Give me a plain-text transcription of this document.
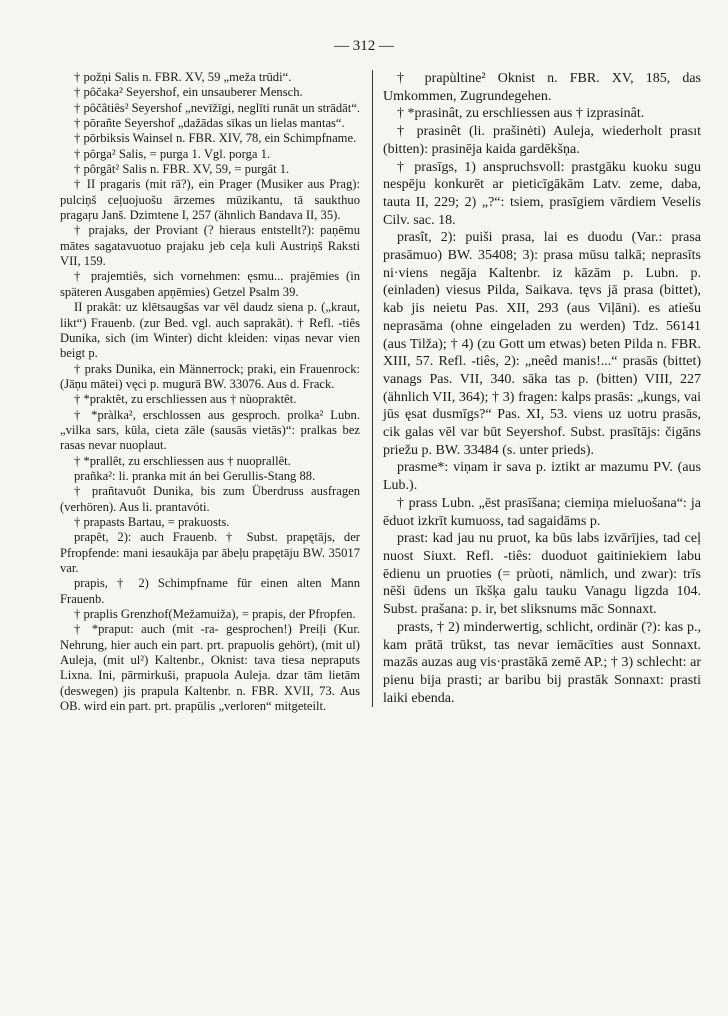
— 312 —

† požņi Salis n. FBR. XV, 59 „meža trūdi“.

† pôčaka² Seyershof, ein unsauberer Mensch.

† pôčâtiês² Seyershof „nevīžīgi, neglīti runāt un strādāt“.

† pōrañte Seyershof „dažādas sīkas un lielas mantas“.

† pōrbiksis Wainsel n. FBR. XIV, 78, ein Schimpfname.

† pôrga² Salis, = purga 1. Vgl. porga 1.

† pôrgât² Salis n. FBR. XV, 59, = purgât 1.

† II pragaris (mit rā?), ein Prager (Musiker aus Prag): pulciņš ceļuojuošu ārzemes mūzikantu, tā saukthuo pragaŗu Janš. Dzimtene I, 257 (ähnlich Bandava II, 35).

† prajaks, der Proviant (? hieraus entstellt?): paņēmu mātes sagatavuotuo prajaku jeb ceļa kuli Austriņš Raksti VII, 159.

† prajemtiês, sich vornehmen: ęsmu... prajēmies (in späteren Ausgaben apņēmies) Getzel Psalm 39.

II prakât: uz klētsaugšas var vēl daudz siena p. („kraut, likt“) Frauenb. (zur Bed. vgl. auch saprakât). † Refl. -tiês Dunika, sich (im Winter) dicht kleiden: viņas nevar vien beigt p.

† praks Dunika, ein Männerrock; praki, ein Frauenrock: (Jāņu mātei) vęci p. mugurā BW. 33076. Aus d. Frack.

† *praktêt, zu erschliessen aus † nùopraktêt.

† *pràlka², erschlossen aus gesproch. prolka² Lubn. „vilka sars, kūla, cieta zāle (sausās vietās)“: pralkas bez rasas nevar nuoplaut.

† *prallêt, zu erschliessen aus † nuoprallêt.

prañka²: li. pranka mit án bei Gerullis-Stang 88.

† prañtavuôt Dunika, bis zum Überdruss ausfragen (verhören). Aus li. prantavóti.

† prapasts Bartau, = prakuosts.

prapêt, 2): auch Frauenb. † Subst. prapętājs, der Pfropfende: mani iesaukāja par ābeļu prapętāju BW. 35017 var.

prapis, † 2) Schimpfname für einen alten Mann Frauenb.

† praplis Grenzhof(Mežamuiža), = prapis, der Pfropfen.

† *praput: auch (mit -ra- gesprochen!) Preiļi (Kur. Nehrung, hier auch ein part. prt. prapuolis gehört), (mit ul) Auleja, (mit ul²) Kaltenbr., Oknist: tava tiesa nepraputs Lixna. Ini, pārmirkuši, prapuola Auleja. dzar tām lietām (deswegen) jis prapula Kaltenbr. n. FBR. XVII, 73. Aus OB. wird ein part. prt. prapūlis „verloren“ mitgeteilt.

† prapùltine² Oknist n. FBR. XV, 185, das Umkommen, Zugrundegehen.

† *prasinât, zu erschliessen aus † izprasinât.

† prasinêt (li. prašinėti) Auleja, wiederholt prasıt (bitten): prasinēja kaida gardēkšņa.

† prasīgs, 1) anspruchsvoll: prastgāku kuoku sugu nespēju konkurēt ar pieticīgākām Latv. zeme, daba, tauta II, 229; 2) „?“: tsiem, prasīgiem vārdiem Veselis Cilv. sac. 18.

prasît, 2): puiši prasa, lai es duodu (Var.: prasa prasāmuo) BW. 35408; 3): prasa mūsu talkā; neprasīts ni·viens negāja Kaltenbr. iz kāzām p. Lubn. p. (einladen) viesus Pilda, Saikava. tęvs jā prasa (bittet), kab jis neietu Pas. XII, 293 (aus Viļāni). es atiešu neprasāma (ohne eingeladen zu werden) Tdz. 56141 (aus Tilža); † 4) (zu Gott um etwas) beten Pilda n. FBR. XIII, 57. Refl. -tiês, 2): „neêd manis!...“ prasās (bittet) vanags Pas. VII, 340. sāka tas p. (bitten) VIII, 227 (ähnlich VII, 364); † 3) fragen: kalps prasās: „kungs, vai jūs ęsat dusmīgs?“ Pas. XI, 53. viens uz uotru prasās, cik galas vēl var būt Seyershof. Subst. prasītājs: čigāns priežu p. BW. 33484 (s. unter prieds).

prasme*: viņam ir sava p. iztikt ar mazumu PV. (aus Lub.).

† prass Lubn. „ēst prasīšana; ciemiņa mieluošana“: ja ēduot izkrīt kumuoss, tad sagaidāms p.

prast: kad jau nu pruot, ka būs labs izvārījies, tad ceļ nuost Siuxt. Refl. -tiês: duoduot gaitiniekiem labu ēdienu un pruoties (= prùoti, nämlich, und zwar): trīs nēši ūdens un īkšķa galu tauku Vanagu ligzda 104. Subst. prašana: p. ir, bet sliksnums māc Sonnaxt.

prasts, † 2) minderwertig, schlicht, ordinär (?): kas p., kam prātā trūkst, tas nevar iemācīties aust Sonnaxt. mazās auzas aug vis·prastākā zemē AP.; † 3) schlecht: ar pienu bija prasti; ar baribu bij prastāk Sonnaxt: prasti laiki ebenda.
